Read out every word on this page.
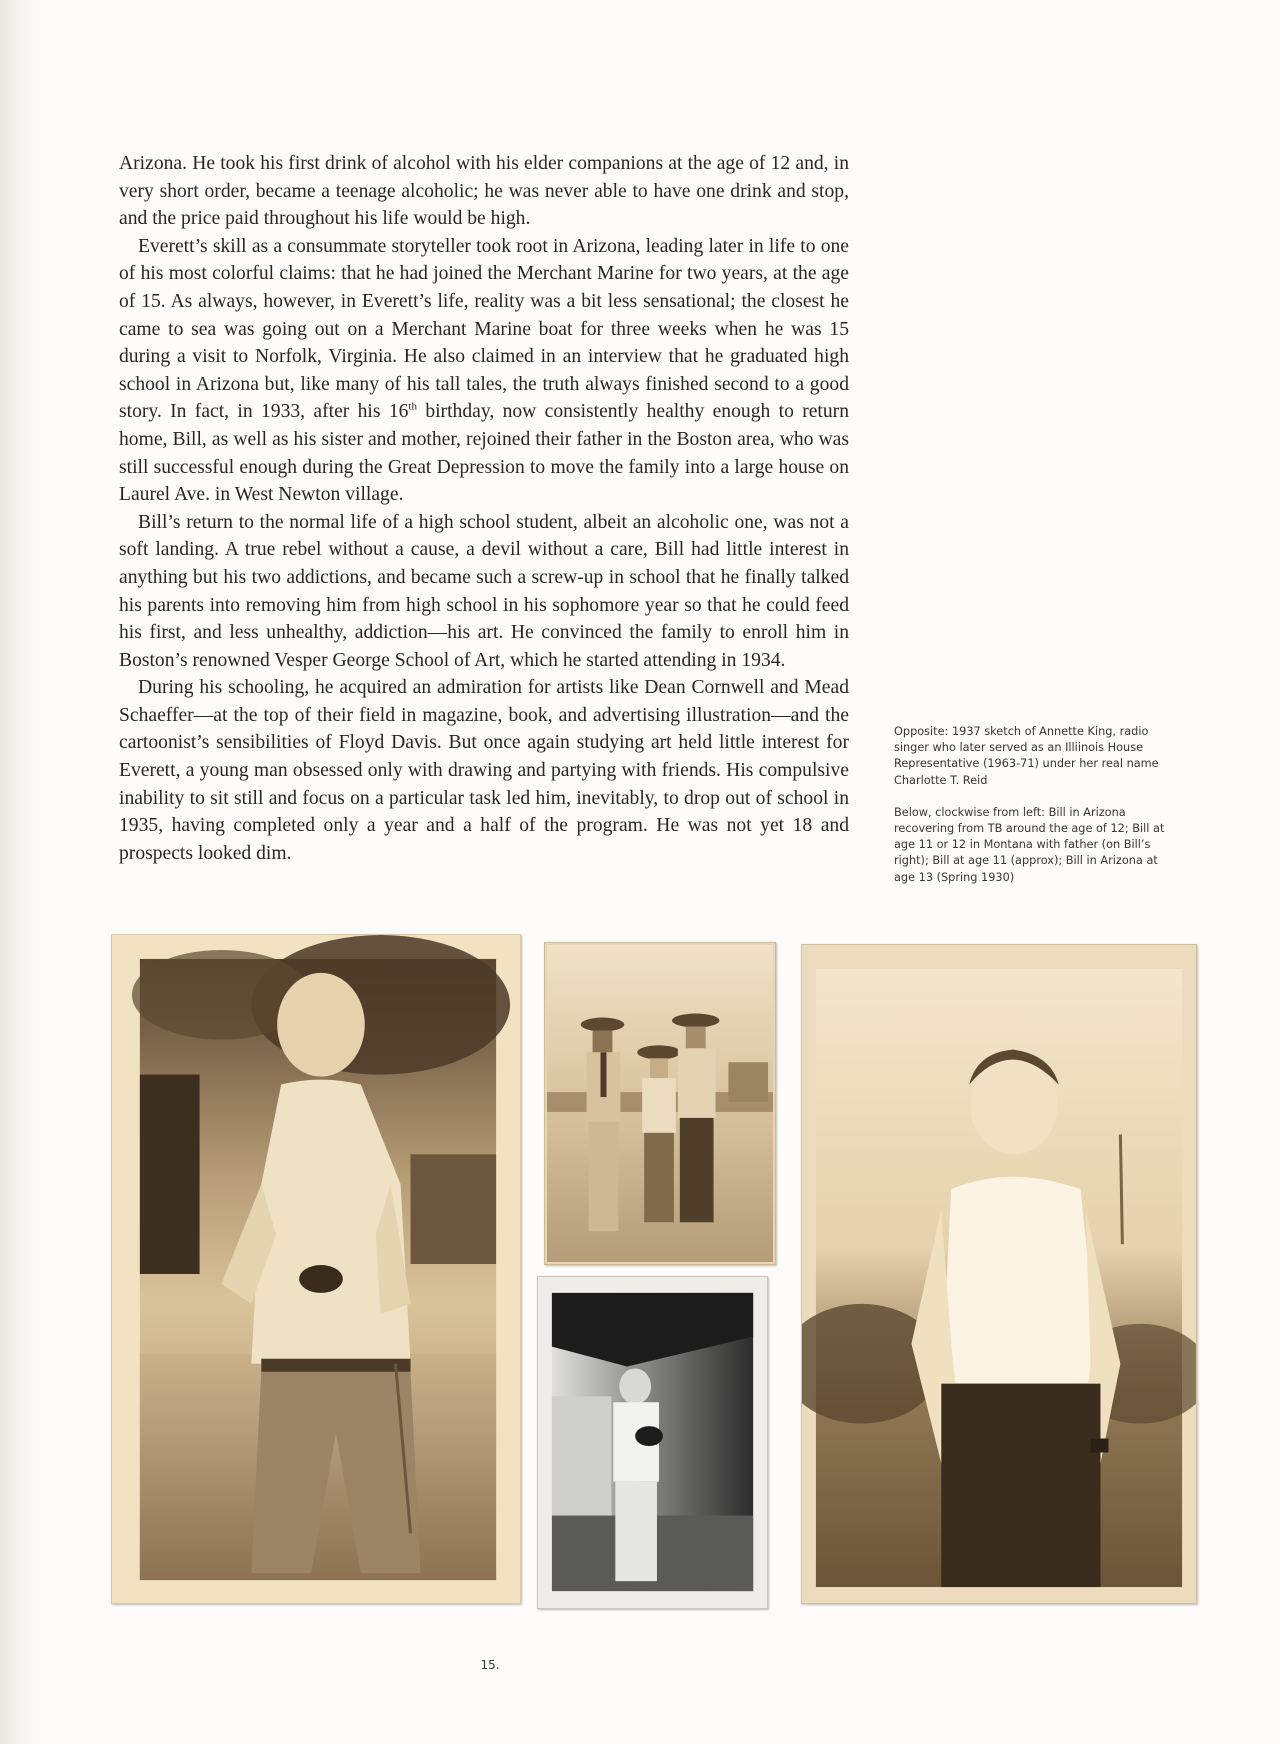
Arizona. He took his first drink of alcohol with his elder companions at the age of 12 and, in very short order, became a teenage alcoholic; he was never able to have one drink and stop, and the price paid throughout his life would be high.

Everett’s skill as a consummate storyteller took root in Arizona, leading later in life to one of his most colorful claims: that he had joined the Merchant Marine for two years, at the age of 15. As always, however, in Everett’s life, reality was a bit less sensational; the closest he came to sea was going out on a Merchant Marine boat for three weeks when he was 15 during a visit to Norfolk, Virginia. He also claimed in an interview that he graduated high school in Arizona but, like many of his tall tales, the truth always finished second to a good story. In fact, in 1933, after his 16th birthday, now consistently healthy enough to return home, Bill, as well as his sister and mother, rejoined their father in the Boston area, who was still successful enough during the Great Depression to move the family into a large house on Laurel Ave. in West Newton village.

Bill’s return to the normal life of a high school student, albeit an alcoholic one, was not a soft landing. A true rebel without a cause, a devil without a care, Bill had little interest in anything but his two addictions, and became such a screw-up in school that he finally talked his parents into removing him from high school in his sophomore year so that he could feed his first, and less unhealthy, addiction—his art. He convinced the family to enroll him in Boston’s renowned Vesper George School of Art, which he started attending in 1934.

During his schooling, he acquired an admiration for artists like Dean Cornwell and Mead Schaeffer—at the top of their field in magazine, book, and advertising illustration—and the cartoonist’s sensibilities of Floyd Davis. But once again studying art held little interest for Everett, a young man obsessed only with drawing and partying with friends. His compulsive inability to sit still and focus on a particular task led him, inevitably, to drop out of school in 1935, having completed only a year and a half of the program. He was not yet 18 and prospects looked dim.

Opposite: 1937 sketch of Annette King, radio singer who later served as an Illiinois House Representative (1963-71) under her real name Charlotte T. Reid

Below, clockwise from left: Bill in Arizona recovering from TB around the age of 12; Bill at age 11 or 12 in Montana with father (on Bill’s right); Bill at age 11 (approx); Bill in Arizona at age 13 (Spring 1930)

15.
